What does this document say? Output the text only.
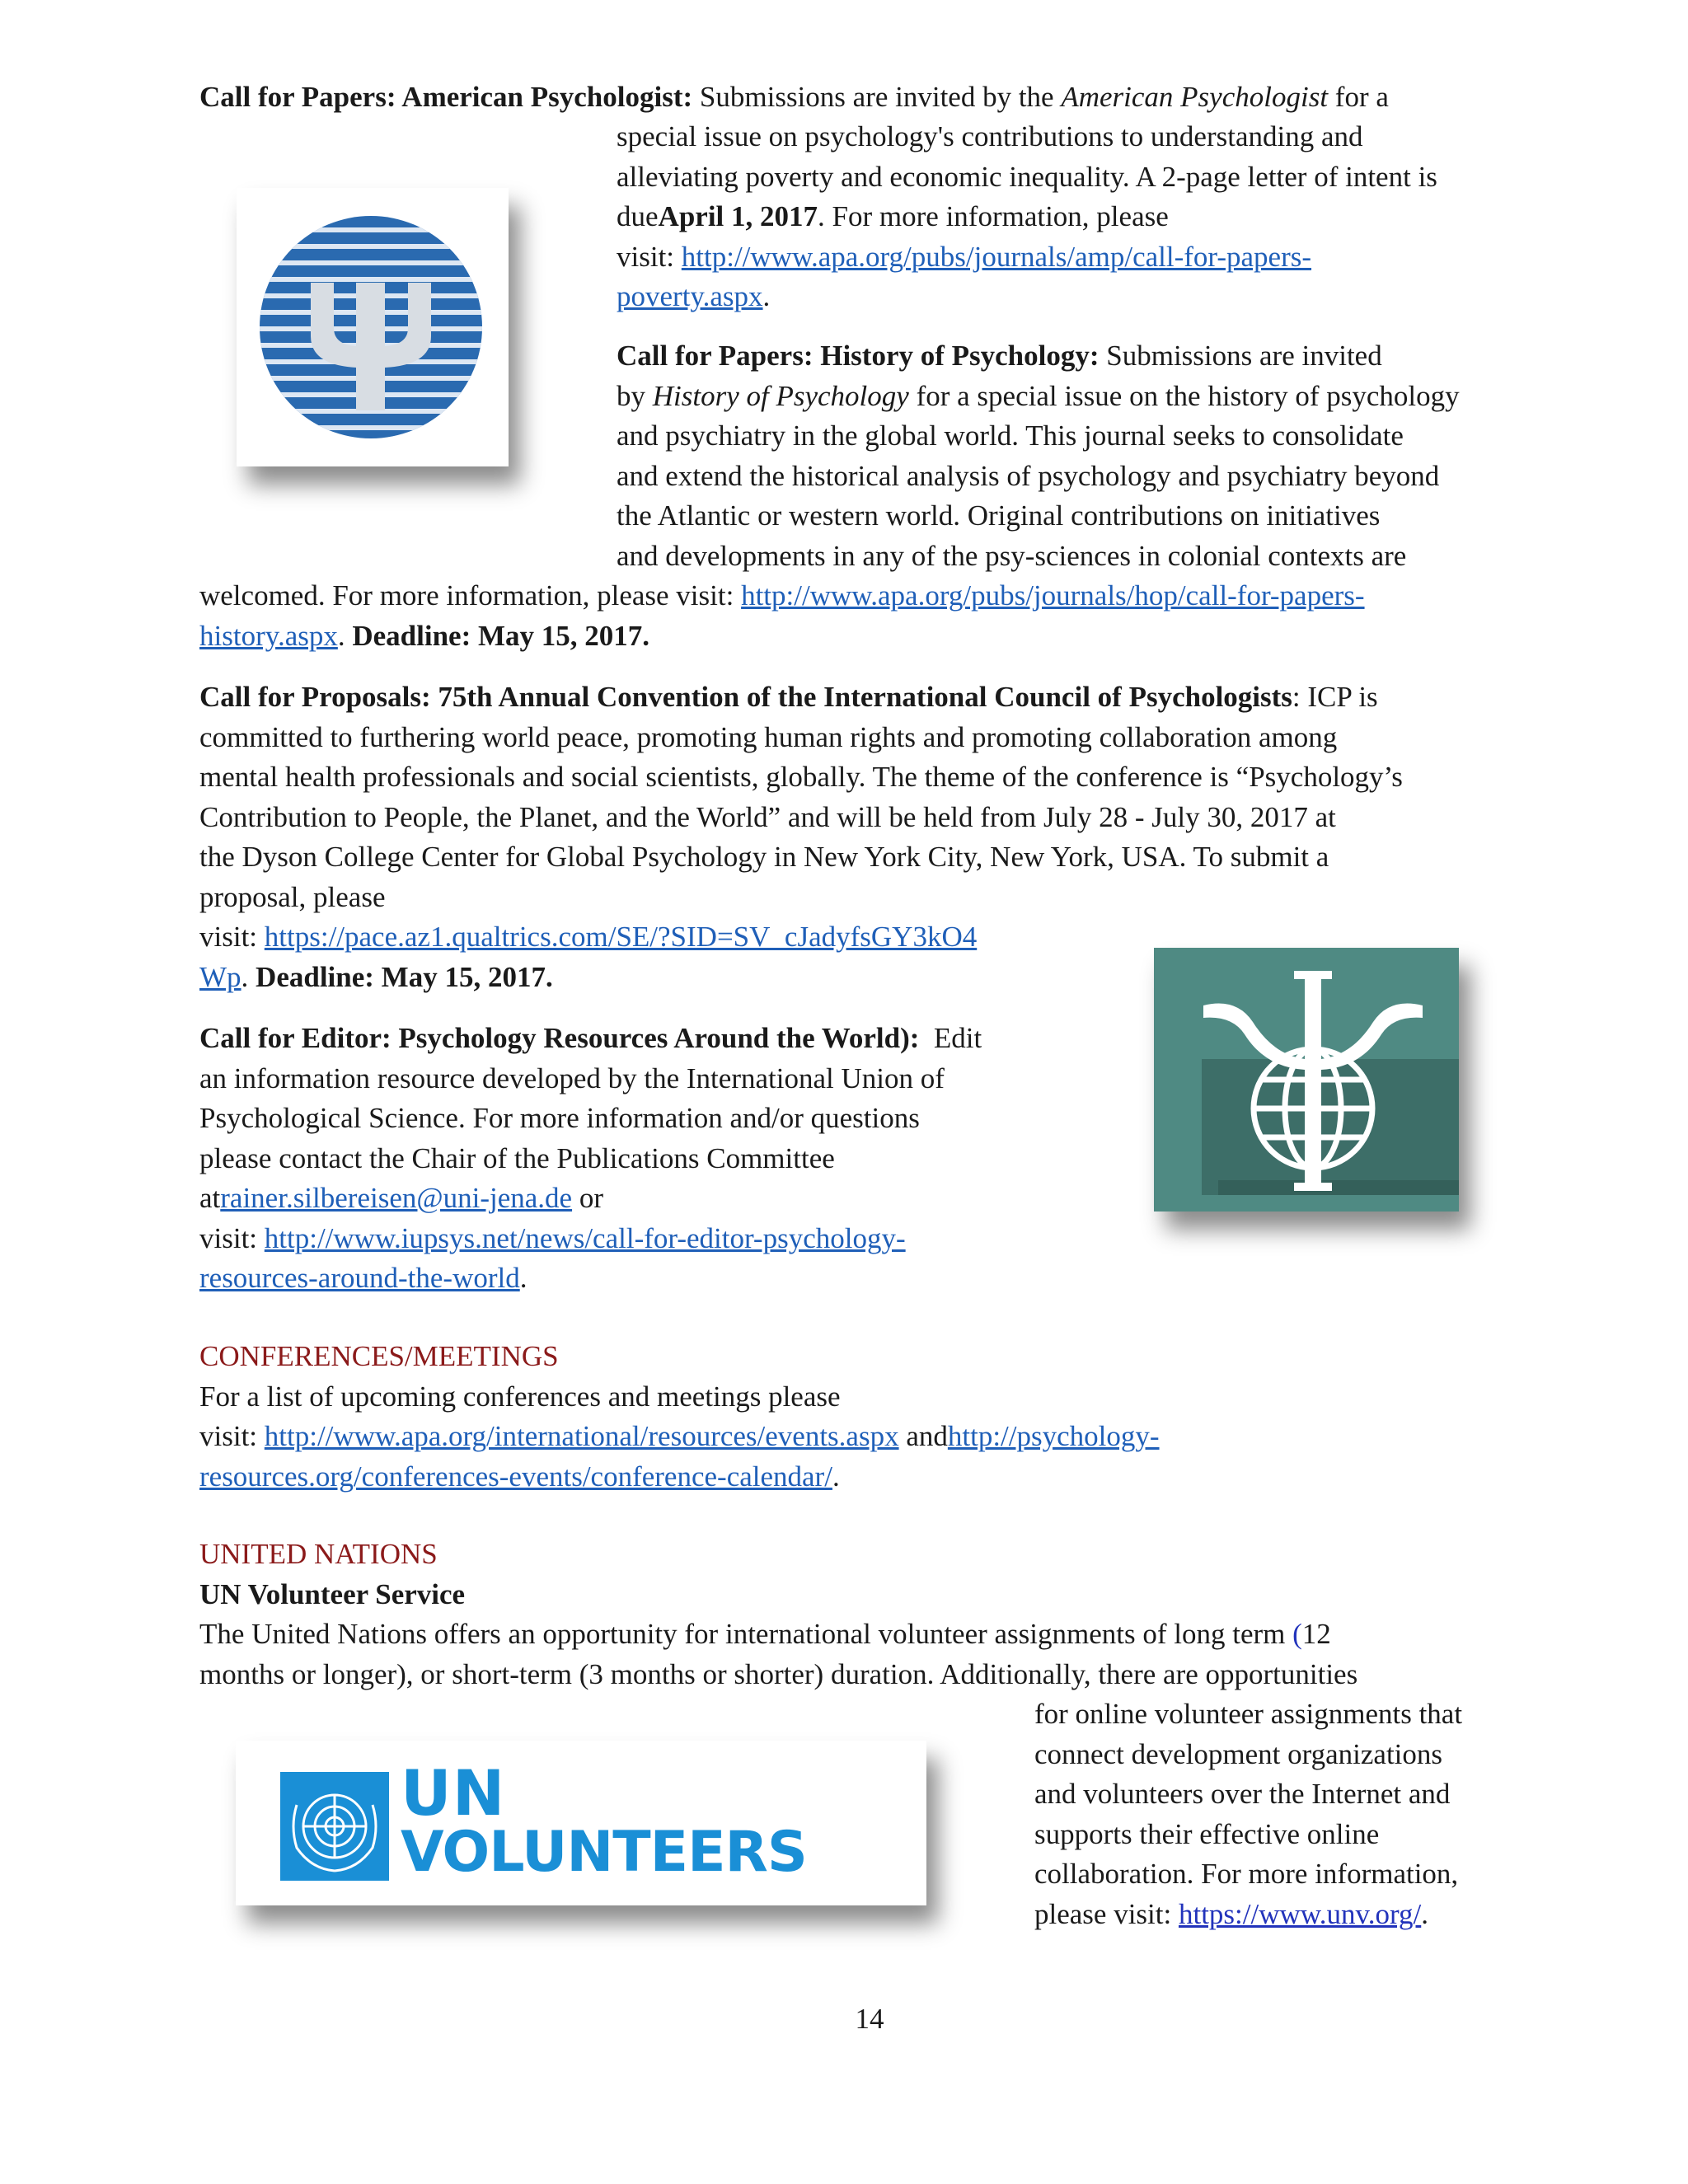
Call for Papers: American Psychologist: Submissions are invited by the American Psychologist for a
special issue on psychology's contributions to understanding and
alleviating poverty and economic inequality. A 2-page letter of intent is
dueApril 1, 2017. For more information, please
visit: http://www.apa.org/pubs/journals/amp/call-for-papers-
poverty.aspx.
Call for Papers: History of Psychology: Submissions are invited
by History of Psychology for a special issue on the history of psychology
and psychiatry in the global world. This journal seeks to consolidate
and extend the historical analysis of psychology and psychiatry beyond
the Atlantic or western world. Original contributions on initiatives
and developments in any of the psy-sciences in colonial contexts are
welcomed. For more information, please visit: http://www.apa.org/pubs/journals/hop/call-for-papers-
history.aspx. Deadline: May 15, 2017.
Call for Proposals: 75th Annual Convention of the International Council of Psychologists: ICP is
committed to furthering world peace, promoting human rights and promoting collaboration among
mental health professionals and social scientists, globally. The theme of the conference is “Psychology’s
Contribution to People, the Planet, and the World” and will be held from July 28 - July 30, 2017 at
the Dyson College Center for Global Psychology in New York City, New York, USA. To submit a
proposal, please
visit: https://pace.az1.qualtrics.com/SE/?SID=SV_cJadyfsGY3kO4
Wp. Deadline: May 15, 2017.
Call for Editor: Psychology Resources Around the World): Edit
an information resource developed by the International Union of
Psychological Science. For more information and/or questions
please contact the Chair of the Publications Committee
atrainer.silbereisen@uni-jena.de or
visit: http://www.iupsys.net/news/call-for-editor-psychology-
resources-around-the-world.
CONFERENCES/MEETINGS
For a list of upcoming conferences and meetings please
visit: http://www.apa.org/international/resources/events.aspx andhttp://psychology-
resources.org/conferences-events/conference-calendar/.
UNITED NATIONS
UN Volunteer Service
The United Nations offers an opportunity for international volunteer assignments of long term (12
months or longer), or short-term (3 months or shorter) duration. Additionally, there are opportunities
for online volunteer assignments that
connect development organizations
and volunteers over the Internet and
supports their effective online
collaboration. For more information,
please visit: https://www.unv.org/.
UN
VOLUNTEERS
14
